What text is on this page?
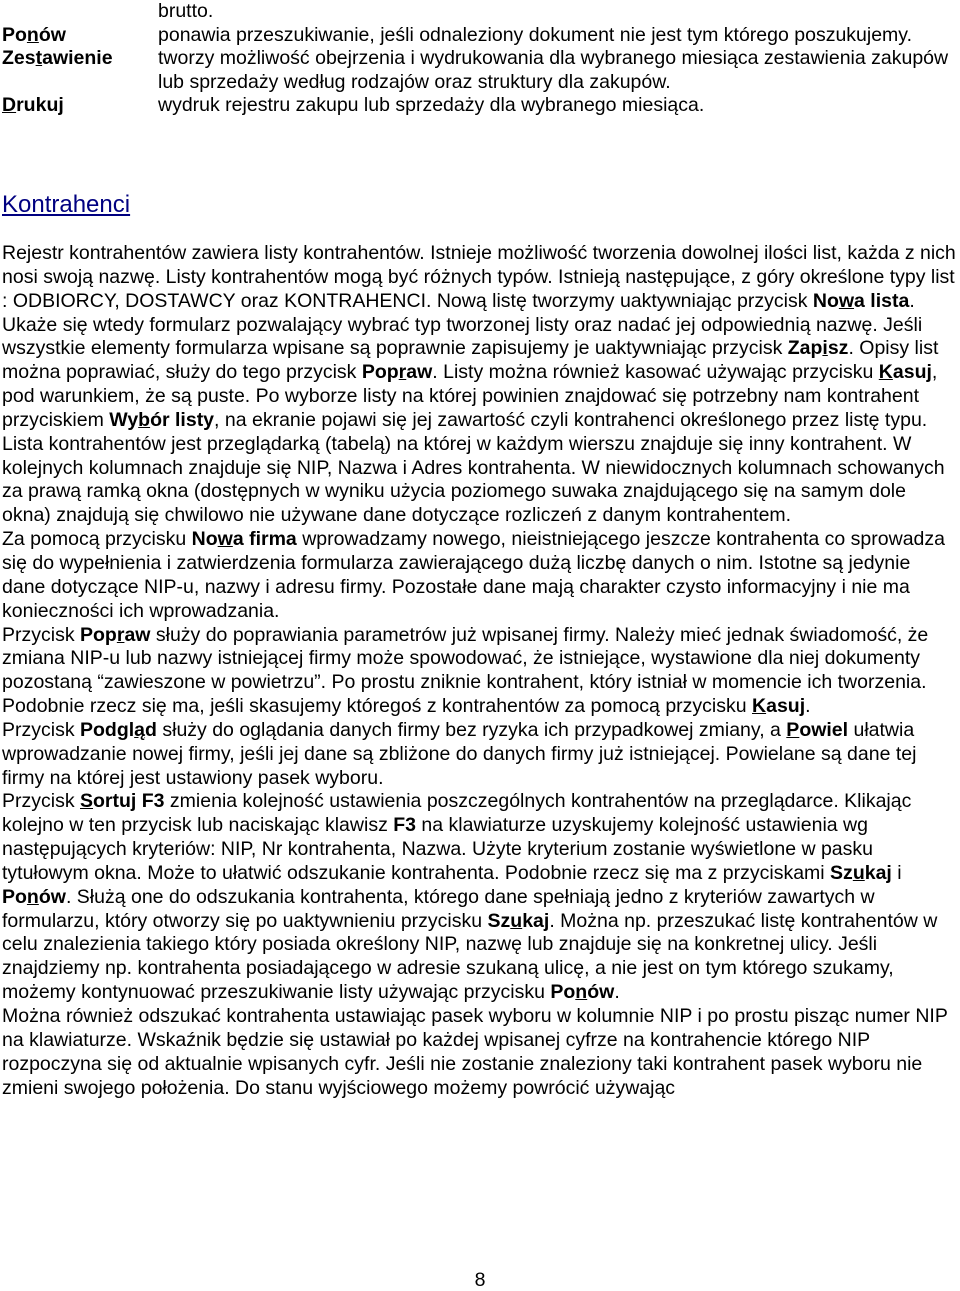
brutto.
Ponów	ponawia przeszukiwanie, jeśli odnaleziony dokument nie jest tym którego poszukujemy.
Zestawienie	tworzy możliwość obejrzenia i wydrukowania dla wybranego miesiąca zestawienia zakupów lub sprzedaży według rodzajów oraz struktury dla zakupów.
Drukuj	wydruk rejestru zakupu lub sprzedaży dla wybranego miesiąca.
Kontrahenci

Rejestr kontrahentów zawiera listy kontrahentów. Istnieje możliwość tworzenia dowolnej ilości list, każda z nich nosi swoją nazwę. Listy kontrahentów mogą być różnych typów. Istnieją następujące, z góry określone typy list : ODBIORCY, DOSTAWCY oraz KONTRAHENCI. Nową listę tworzymy uaktywniając przycisk Nowa lista. Ukaże się wtedy formularz pozwalający wybrać typ tworzonej listy oraz nadać jej odpowiednią nazwę. Jeśli wszystkie elementy formularza wpisane są poprawnie zapisujemy je uaktywniając przycisk Zapisz. Opisy list można poprawiać, służy do tego przycisk Popraw. Listy można również kasować używając przycisku Kasuj, pod warunkiem, że są puste. Po wyborze listy na której powinien znajdować się potrzebny nam kontrahent przyciskiem Wybór listy, na ekranie pojawi się jej zawartość czyli kontrahenci określonego przez listę typu.

Lista kontrahentów jest przeglądarką (tabelą) na której w każdym wierszu znajduje się inny kontrahent. W kolejnych kolumnach znajduje się NIP, Nazwa i Adres kontrahenta. W niewidocznych kolumnach schowanych za prawą ramką okna (dostępnych w wyniku użycia poziomego suwaka znajdującego się na samym dole okna) znajdują się chwilowo nie używane dane dotyczące rozliczeń z danym kontrahentem.

Za pomocą przycisku Nowa firma wprowadzamy nowego, nieistniejącego jeszcze kontrahenta co sprowadza się do wypełnienia i zatwierdzenia formularza zawierającego dużą liczbę danych o nim. Istotne są jedynie dane dotyczące NIP-u, nazwy i adresu firmy. Pozostałe dane mają charakter czysto informacyjny i nie ma konieczności ich wprowadzania.

Przycisk Popraw służy do poprawiania parametrów już wpisanej firmy. Należy mieć jednak świadomość, że zmiana NIP-u lub nazwy istniejącej firmy może spowodować, że istniejące, wystawione dla niej dokumenty pozostaną “zawieszone w powietrzu”. Po prostu zniknie kontrahent, który istniał w momencie ich tworzenia.

Podobnie rzecz się ma, jeśli skasujemy któregoś z kontrahentów za pomocą przycisku Kasuj.

Przycisk Podgląd służy do oglądania danych firmy bez ryzyka ich przypadkowej zmiany, a Powiel ułatwia wprowadzanie nowej firmy, jeśli jej dane są zbliżone do danych firmy już istniejącej. Powielane są dane tej firmy na której jest ustawiony pasek wyboru.

Przycisk Sortuj F3 zmienia kolejność ustawienia poszczególnych kontrahentów na przeglądarce. Klikając kolejno w ten przycisk lub naciskając klawisz F3 na klawiaturze uzyskujemy kolejność ustawienia wg następujących kryteriów: NIP, Nr kontrahenta, Nazwa. Użyte kryterium zostanie wyświetlone w pasku tytułowym okna. Może to ułatwić odszukanie kontrahenta. Podobnie rzecz się ma z przyciskami Szukaj i Ponów. Służą one do odszukania kontrahenta, którego dane spełniają jedno z kryteriów zawartych w formularzu, który otworzy się po uaktywnieniu przycisku Szukaj. Można np. przeszukać listę kontrahentów w celu znalezienia takiego który posiada określony NIP, nazwę lub znajduje się na konkretnej ulicy. Jeśli znajdziemy np. kontrahenta posiadającego w adresie szukaną ulicę, a nie jest on tym którego szukamy, możemy kontynuować przeszukiwanie listy używając przycisku Ponów.

Można również odszukać kontrahenta ustawiając pasek wyboru w kolumnie NIP i po prostu pisząc numer NIP na klawiaturze. Wskaźnik będzie się ustawiał po każdej wpisanej cyfrze na kontrahencie którego NIP rozpoczyna się od aktualnie wpisanych cyfr. Jeśli nie zostanie znaleziony taki kontrahent pasek wyboru nie zmieni swojego położenia. Do stanu wyjściowego możemy powrócić używając

8
